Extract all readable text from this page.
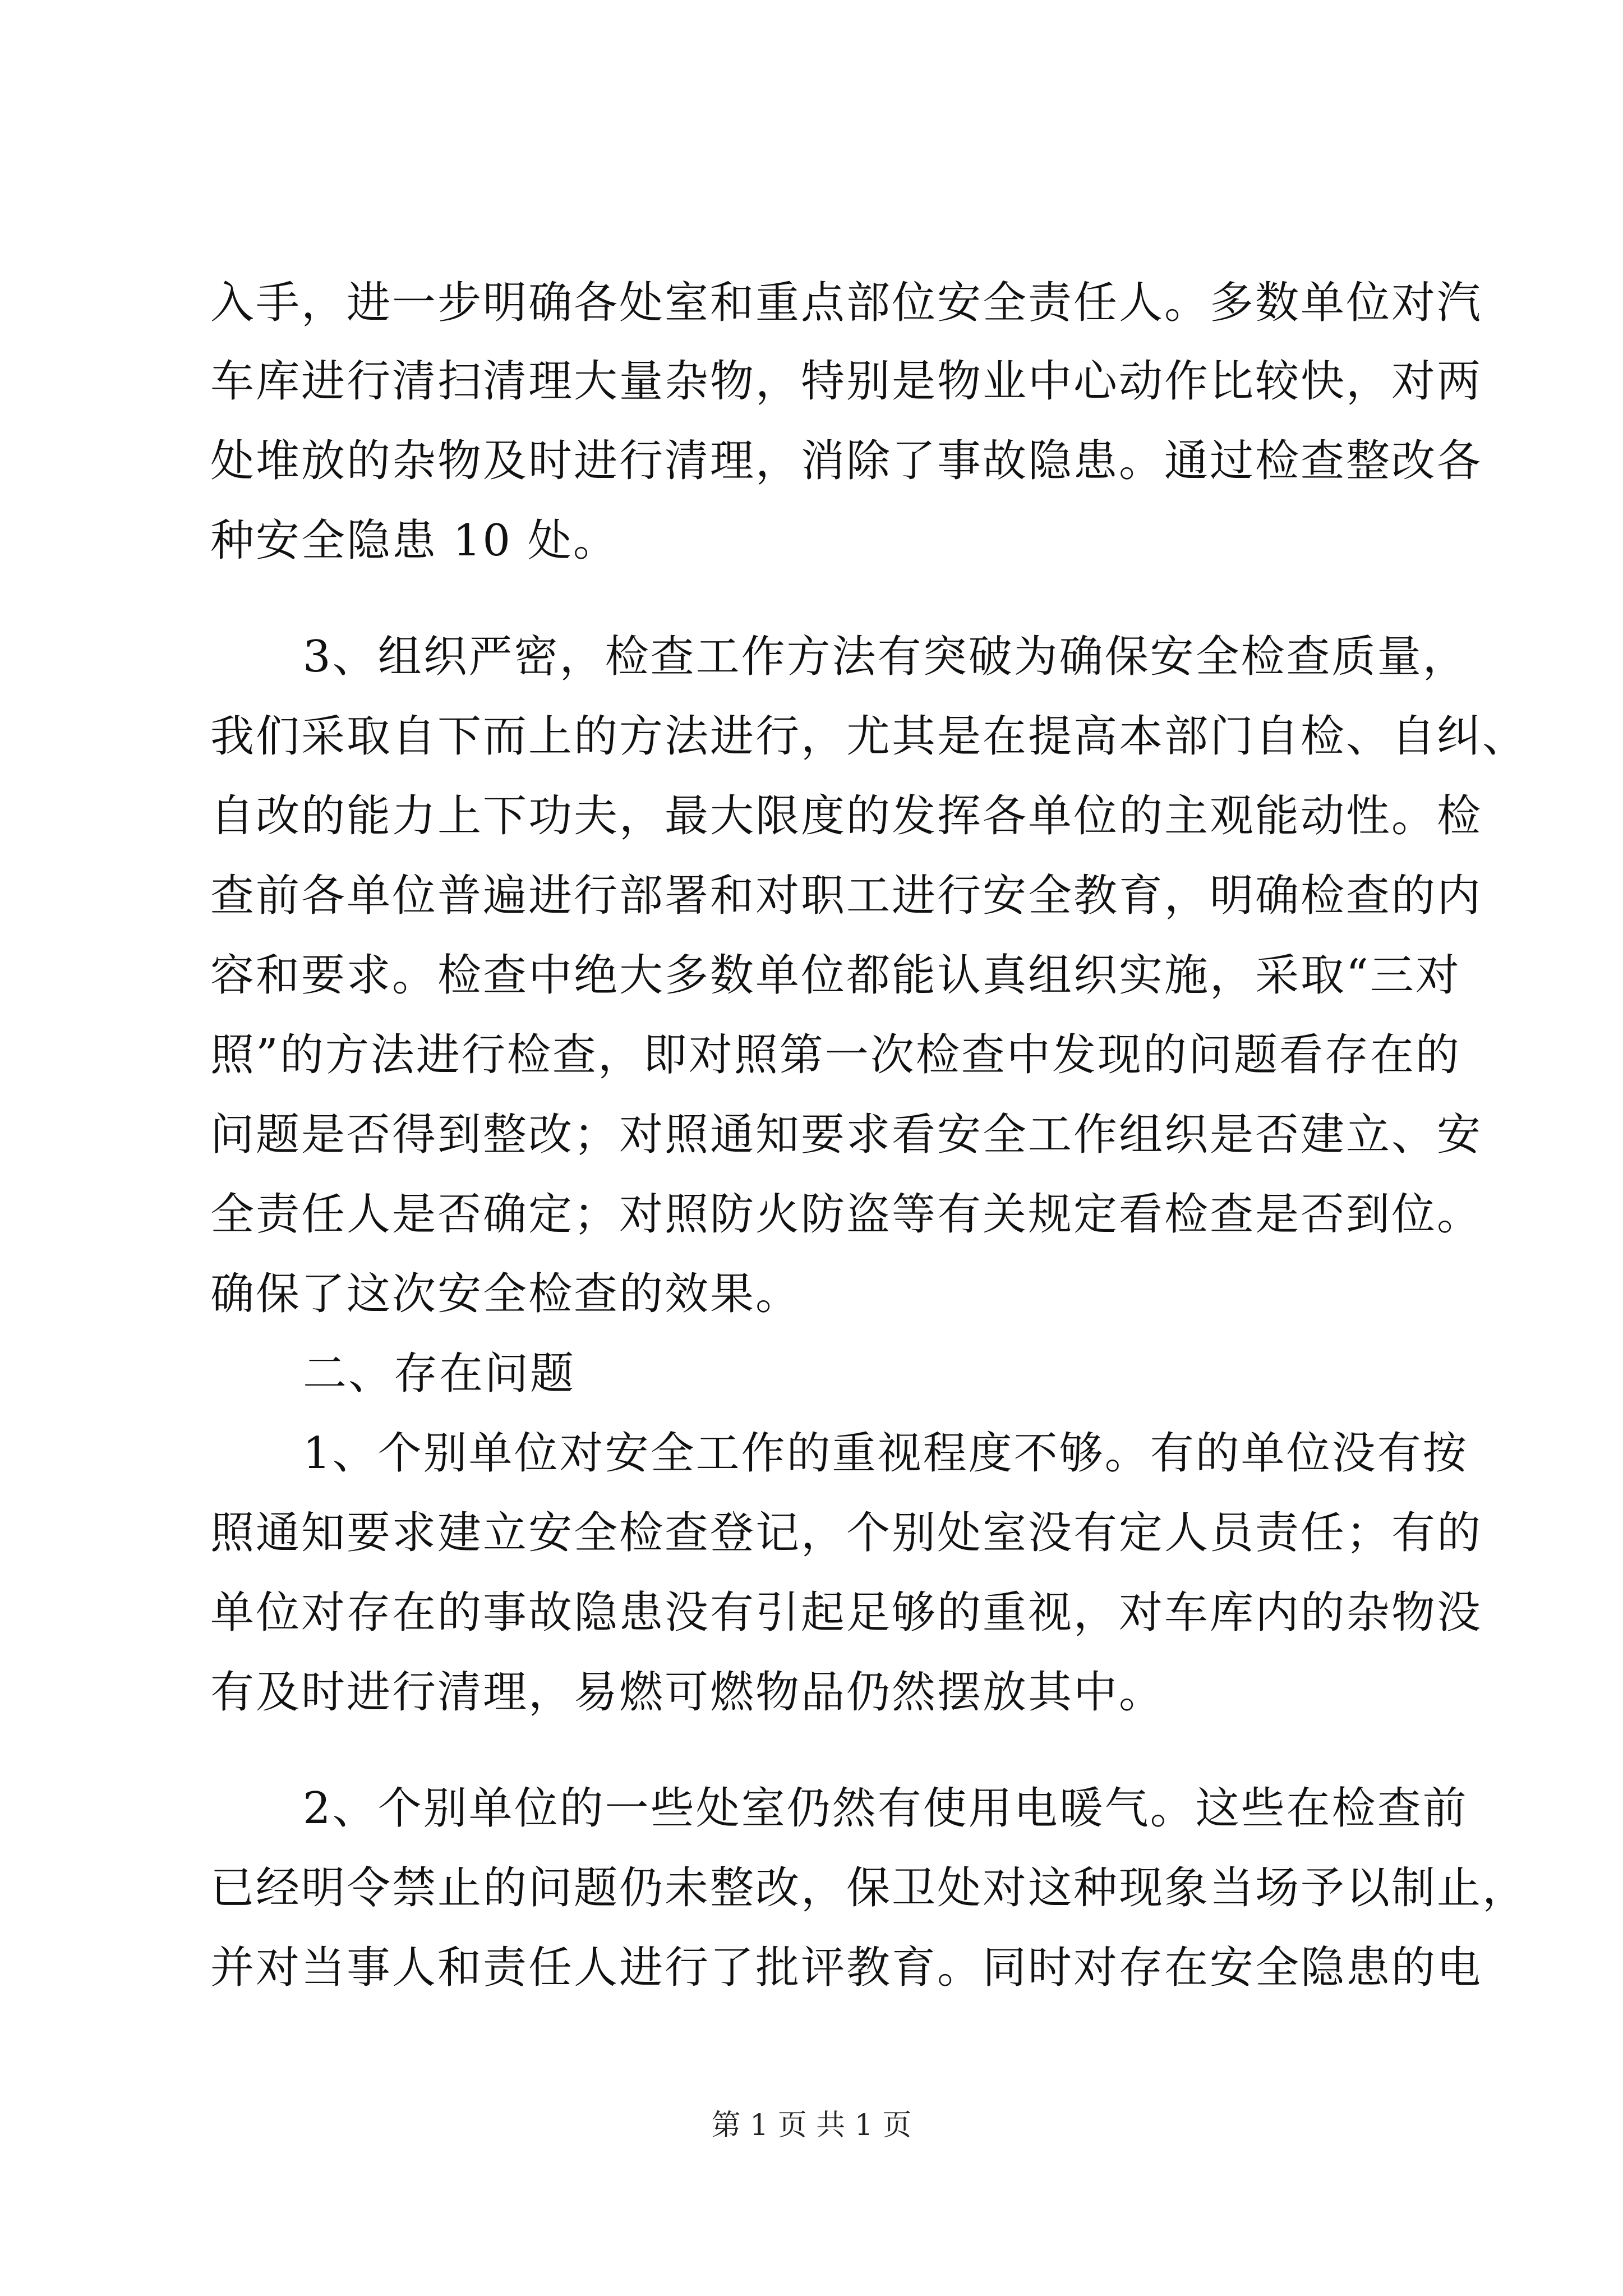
入手，进一步明确各处室和重点部位安全责任人。多数单位对汽
车库进行清扫清理大量杂物，特别是物业中心动作比较快，对两
处堆放的杂物及时进行清理，消除了事故隐患。通过检查整改各
种安全隐患 10 处。
3、组织严密，检查工作方法有突破为确保安全检查质量，
我们采取自下而上的方法进行，尤其是在提高本部门自检、自纠、
自改的能力上下功夫，最大限度的发挥各单位的主观能动性。检
查前各单位普遍进行部署和对职工进行安全教育，明确检查的内
容和要求。检查中绝大多数单位都能认真组织实施，采取“三对
照”的方法进行检查，即对照第一次检查中发现的问题看存在的
问题是否得到整改；对照通知要求看安全工作组织是否建立、安
全责任人是否确定；对照防火防盗等有关规定看检查是否到位。
确保了这次安全检查的效果。
二、存在问题
1、个别单位对安全工作的重视程度不够。有的单位没有按
照通知要求建立安全检查登记，个别处室没有定人员责任；有的
单位对存在的事故隐患没有引起足够的重视，对车库内的杂物没
有及时进行清理，易燃可燃物品仍然摆放其中。
2、个别单位的一些处室仍然有使用电暖气。这些在检查前
已经明令禁止的问题仍未整改，保卫处对这种现象当场予以制止，
并对当事人和责任人进行了批评教育。同时对存在安全隐患的电
第 1 页 共 1 页
